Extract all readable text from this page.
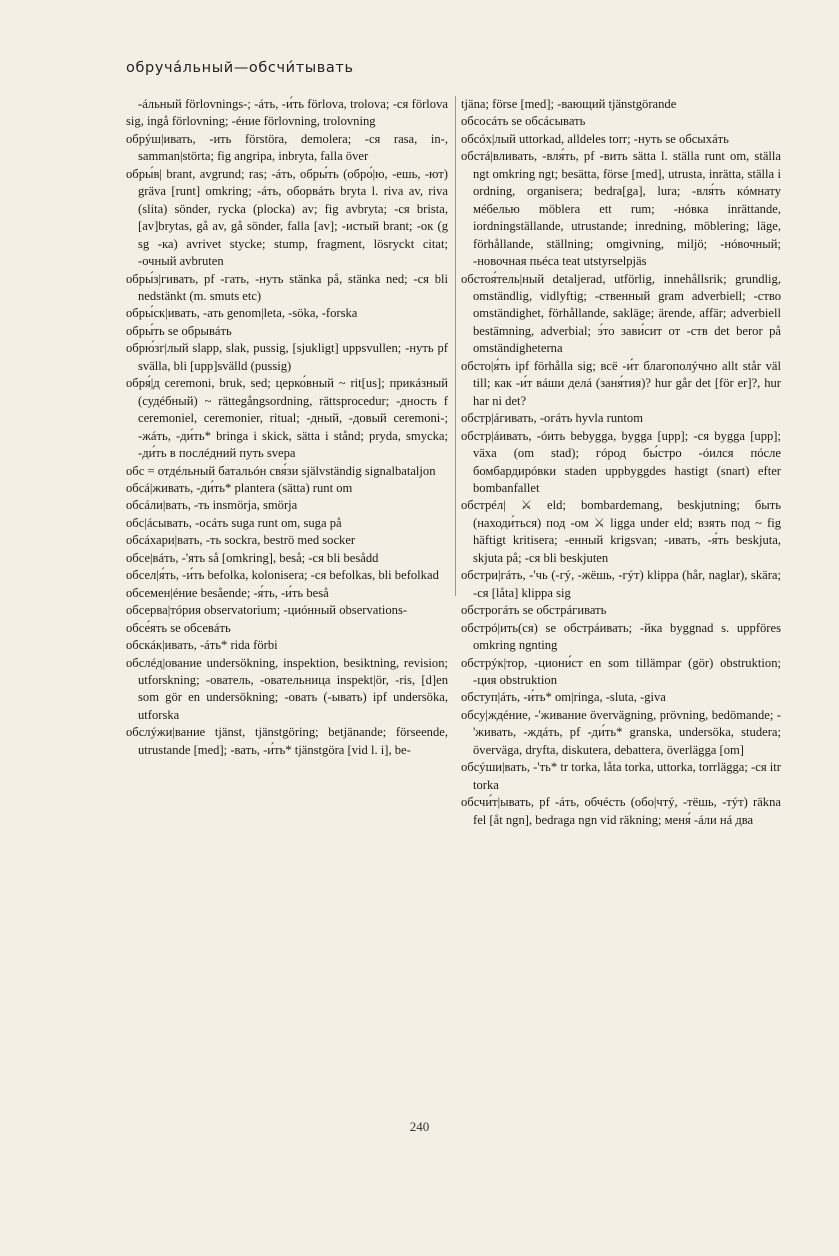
обручáльный—обсчи́тывать

-áльный förlovnings-; -áть, -и́ть förlova, trolova; -ся förlova sig, ingå förlovning; -éние förlovning, trolovning

обрýш|ивать, -ить förstöra, demolera; -ся rasa, in-, samman|störta; fig angripa, inbryta, falla över

обры́в| brant, avgrund; ras; -áть, обры́ть (обро́|ю, -ешь, -ют) gräva [runt] omkring; -áть, оборвáть bryta l. riva av, riva (slita) sönder, rycka (plocka) av; fig avbryta; -ся brista, [av]brytas, gå av, gå sönder, falla [av]; -истый brant; -ок (g sg -ка) avrivet stycke; stump, fragment, lösryckt citat; -очный avbruten

обры́з|гивать, pf -гать, -нуть stänka på, stänka ned; -ся bli nedstänkt (m. smuts etc)

обры́ск|ивать, -ать genom|leta, -söka, -forska

обры́ть se обрывáть

обрю́зг|лый slapp, slak, pussig, [sjukligt] uppsvullen; -нуть pf svälla, bli [upp]svälld (pussig)

обря́|д ceremoni, bruk, sed; церко́вный ~ rit[us]; прикáзный (судéбный) ~ rättegångsordning, rättsprocedur; -дность f ceremoniel, ceremonier, ritual; -дный, -довый ceremoni-; -жáть, -ди́ть* bringa i skick, sätta i stånd; pryda, smycka; -ди́ть в послéдний путь svepa

обс = отдéльный батальóн свя́зи självständig signalbataljon

обсá|живать, -ди́ть* plantera (sätta) runt om

обсáли|вать, -ть insmörja, smörja

обс|áсывать, -осáть suga runt om, suga på

обсáхари|вать, -ть sockra, beströ med socker

обсе|вáть, -'ять så [omkring], beså; -ся bli besådd

обсел|я́ть, -и́ть befolka, kolonisera; -ся befolkas, bli befolkad

обсемен|éние besående; -я́ть, -и́ть beså

обсерва|тóрия observatorium; -циóнный observations-

обсе́ять se обсевáть

обскáк|ивать, -áть* rida förbi

обслéд|ование undersökning, inspektion, besiktning, revision; utforskning; -ователь, -овательница inspekt|ör, -ris, [d]en som gör en undersökning; -овать (-ывать) ipf undersöka, utforska

обслýжи|вание tjänst, tjänstgöring; betjänande; förseende, utrustande [med]; -вать, -и́ть* tjänstgöra [vid l. i], be-

tjäna; förse [med]; -вающий tjänstgörande

обсосáть se обсáсывать

обсóх|лый uttorkad, alldeles torr; -нуть se обсыхáть

обстá|вливать, -вля́ть, pf -вить sätta l. ställa runt om, ställa ngt omkring ngt; besätta, förse [med], utrusta, inrätta, ställa i ordning, organisera; bedra[ga], lura; -вля́ть кóмнату мéбелью möblera ett rum; -нóвка inrättande, iordningställande, utrustande; inredning, möblering; läge, förhållande, ställning; omgivning, miljö; -нóвочный; -новочная пьéса teat utstyrselpjäs

обстоя́тель|ный detaljerad, utförlig, innehållsrik; grundlig, omständlig, vidlyftig; -ственный gram adverbiell; -ство omständighet, förhållande, sakläge; ärende, affär; adverbiell bestämning, adverbial; э́то зави́сит от -ств det beror på omständigheterna

обсто|я́ть ipf förhålla sig; всё -и́т благополýчно allt står väl till; как -и́т вáши делá (заня́тия)? hur går det [för er]?, hur har ni det?

обстр|áгивать, -огáть hyvla runtom

обстр|áивать, -óить bebygga, bygga [upp]; -ся bygga [upp]; växa (om stad); гóрод бы́стро -óился пóсле бомбардирóвки staden uppbyggdes hastigt (snart) efter bombanfallet

обстрéл| ⚔ eld; bombardemang, beskjutning; быть (находи́ться) под -ом ⚔ ligga under eld; взять под ~ fig häftigt kritisera; -енный krigsvan; -ивать, -я́ть beskjuta, skjuta på; -ся bli beskjuten

обстри|гáть, -'чь (-гý, -жёшь, -гýт) klippa (hår, naglar), skära; -ся [låta] klippa sig

обстрогáть se обстрáгивать

обстрó|ить(ся) se обстрáивать; -йка byggnad s. uppföres omkring ngnting

обстрýк|тор, -циони́ст en som tillämpar (gör) obstruktion; -ция obstruktion

обступ|áть, -и́ть* om|ringa, -sluta, -giva

обсу|ждéние, -'живание övervägning, prövning, bedömande; -'живать, -ждáть, pf -ди́ть* granska, undersöka, studera; överväga, dryfta, diskutera, debattera, överlägga [om]

обсýши|вать, -'ть* tr torka, låta torka, uttorka, torrlägga; -ся itr torka

обсчи́т|ывать, pf -áть, обчéсть (обо|чтý, -тёшь, -тýт) räkna fel [åt ngn], bedraga ngn vid räkning; меня́ -áли нá два

240
